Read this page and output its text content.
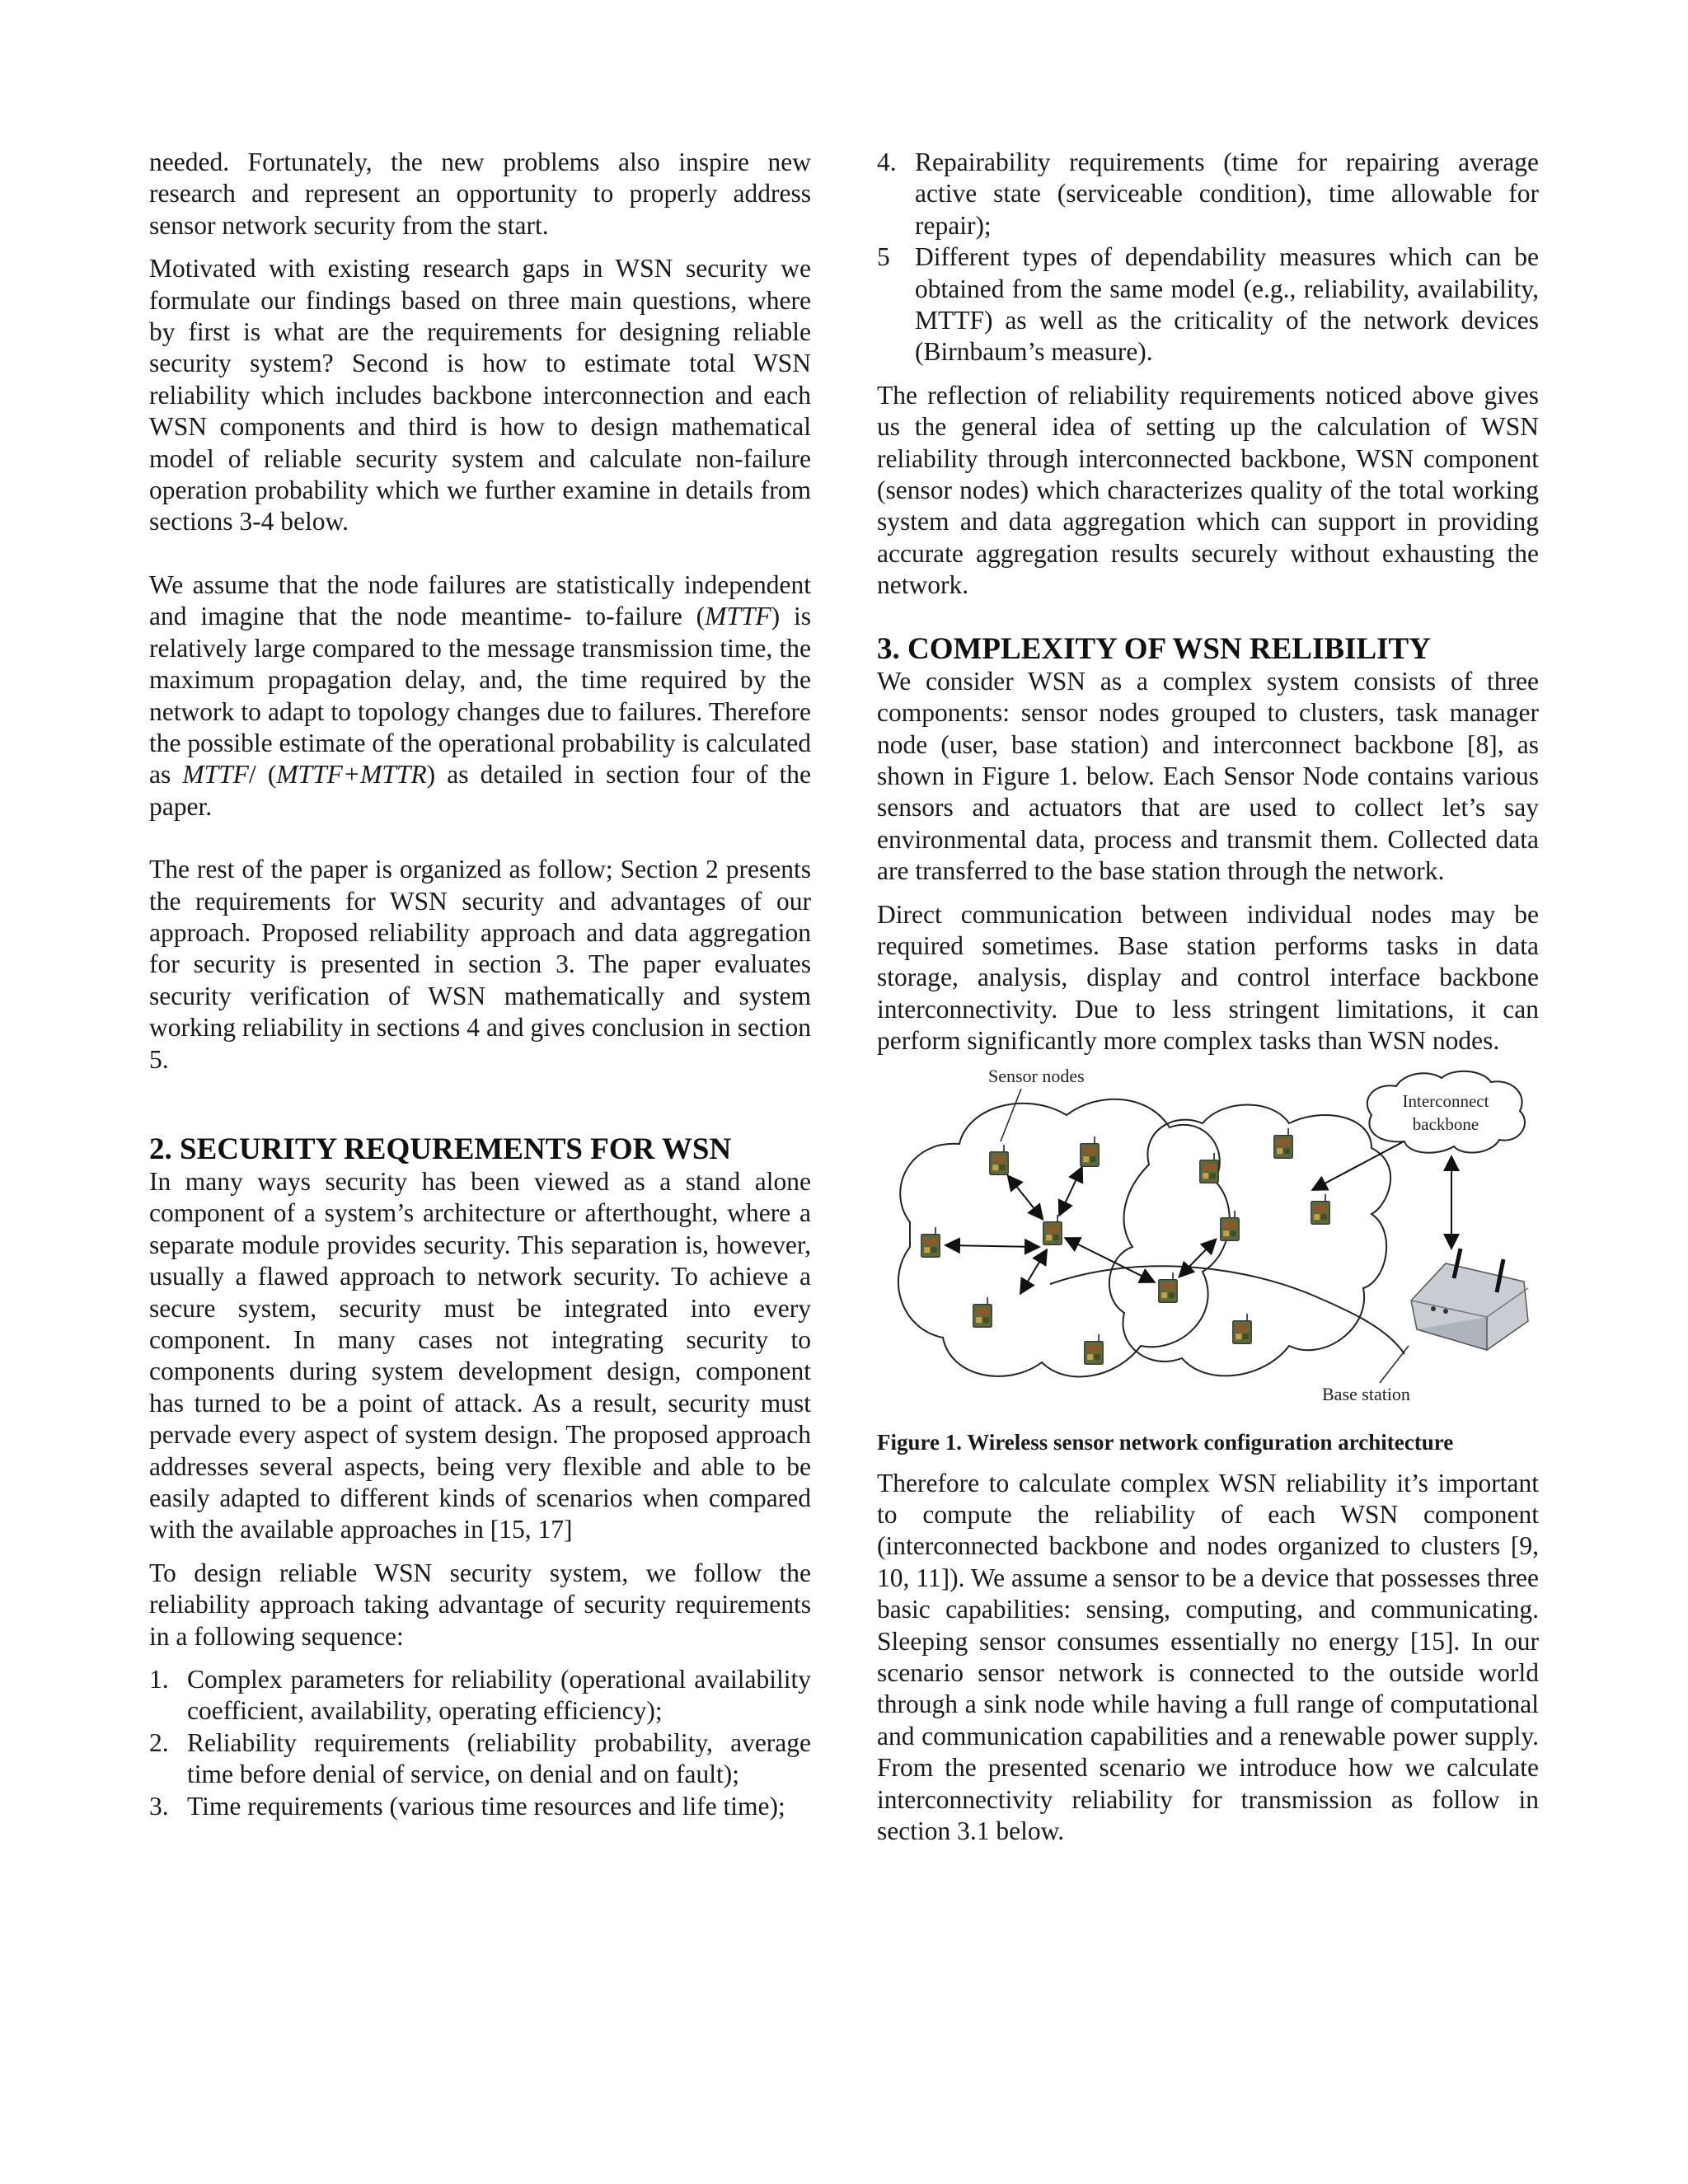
needed. Fortunately, the new problems also inspire new research and represent an opportunity to properly address sensor network security from the start.

Motivated with existing research gaps in WSN security we formulate our findings based on three main questions, where by first is what are the requirements for designing reliable security system? Second is how to estimate total WSN reliability which includes backbone interconnection and each WSN components and third is how to design mathematical model of reliable security system and calculate non-failure operation probability which we further examine in details from sections 3-4 below.

We assume that the node failures are statistically independent and imagine that the node meantime- to-failure (MTTF) is relatively large compared to the message transmission time, the maximum propagation delay, and, the time required by the network to adapt to topology changes due to failures. Therefore the possible estimate of the operational probability is calculated as MTTF/ (MTTF+MTTR) as detailed in section four of the paper.

The rest of the paper is organized as follow; Section 2 presents the requirements for WSN security and advantages of our approach. Proposed reliability approach and data aggregation for security is presented in section 3. The paper evaluates security verification of WSN mathematically and system working reliability in sections 4 and gives conclusion in section 5.

2. SECURITY REQUREMENTS FOR WSN

In many ways security has been viewed as a stand alone component of a system’s architecture or afterthought, where a separate module provides security. This separation is, however, usually a flawed approach to network security. To achieve a secure system, security must be integrated into every component. In many cases not integrating security to components during system development design, component has turned to be a point of attack. As a result, security must pervade every aspect of system design. The proposed approach addresses several aspects, being very flexible and able to be easily adapted to different kinds of scenarios when compared with the available approaches in [15, 17]

To design reliable WSN security system, we follow the reliability approach taking advantage of security requirements in a following sequence:

1. Complex parameters for reliability (operational availability coefficient, availability, operating efficiency);
2. Reliability requirements (reliability probability, average time before denial of service, on denial and on fault);
3. Time requirements (various time resources and life time);
4. Repairability requirements (time for repairing average active state (serviceable condition), time allowable for repair);
5 Different types of dependability measures which can be obtained from the same model (e.g., reliability, availability, MTTF) as well as the criticality of the network devices (Birnbaum’s measure).

The reflection of reliability requirements noticed above gives us the general idea of setting up the calculation of WSN reliability through interconnected backbone, WSN component (sensor nodes) which characterizes quality of the total working system and data aggregation which can support in providing accurate aggregation results securely without exhausting the network.

3. COMPLEXITY OF WSN RELIBILITY

We consider WSN as a complex system consists of three components: sensor nodes grouped to clusters, task manager node (user, base station) and interconnect backbone [8], as shown in Figure 1. below. Each Sensor Node contains various sensors and actuators that are used to collect let’s say environmental data, process and transmit them. Collected data are transferred to the base station through the network.

Direct communication between individual nodes may be required sometimes. Base station performs tasks in data storage, analysis, display and control interface backbone interconnectivity. Due to less stringent limitations, it can perform significantly more complex tasks than WSN nodes.

Sensor nodes
Interconnect
backbone
Base station

Figure 1. Wireless sensor network configuration architecture

Therefore to calculate complex WSN reliability it’s important to compute the reliability of each WSN component (interconnected backbone and nodes organized to clusters [9, 10, 11]). We assume a sensor to be a device that possesses three basic capabilities: sensing, computing, and communicating. Sleeping sensor consumes essentially no energy [15]. In our scenario sensor network is connected to the outside world through a sink node while having a full range of computational and communication capabilities and a renewable power supply. From the presented scenario we introduce how we calculate interconnectivity reliability for transmission as follow in section 3.1 below.
